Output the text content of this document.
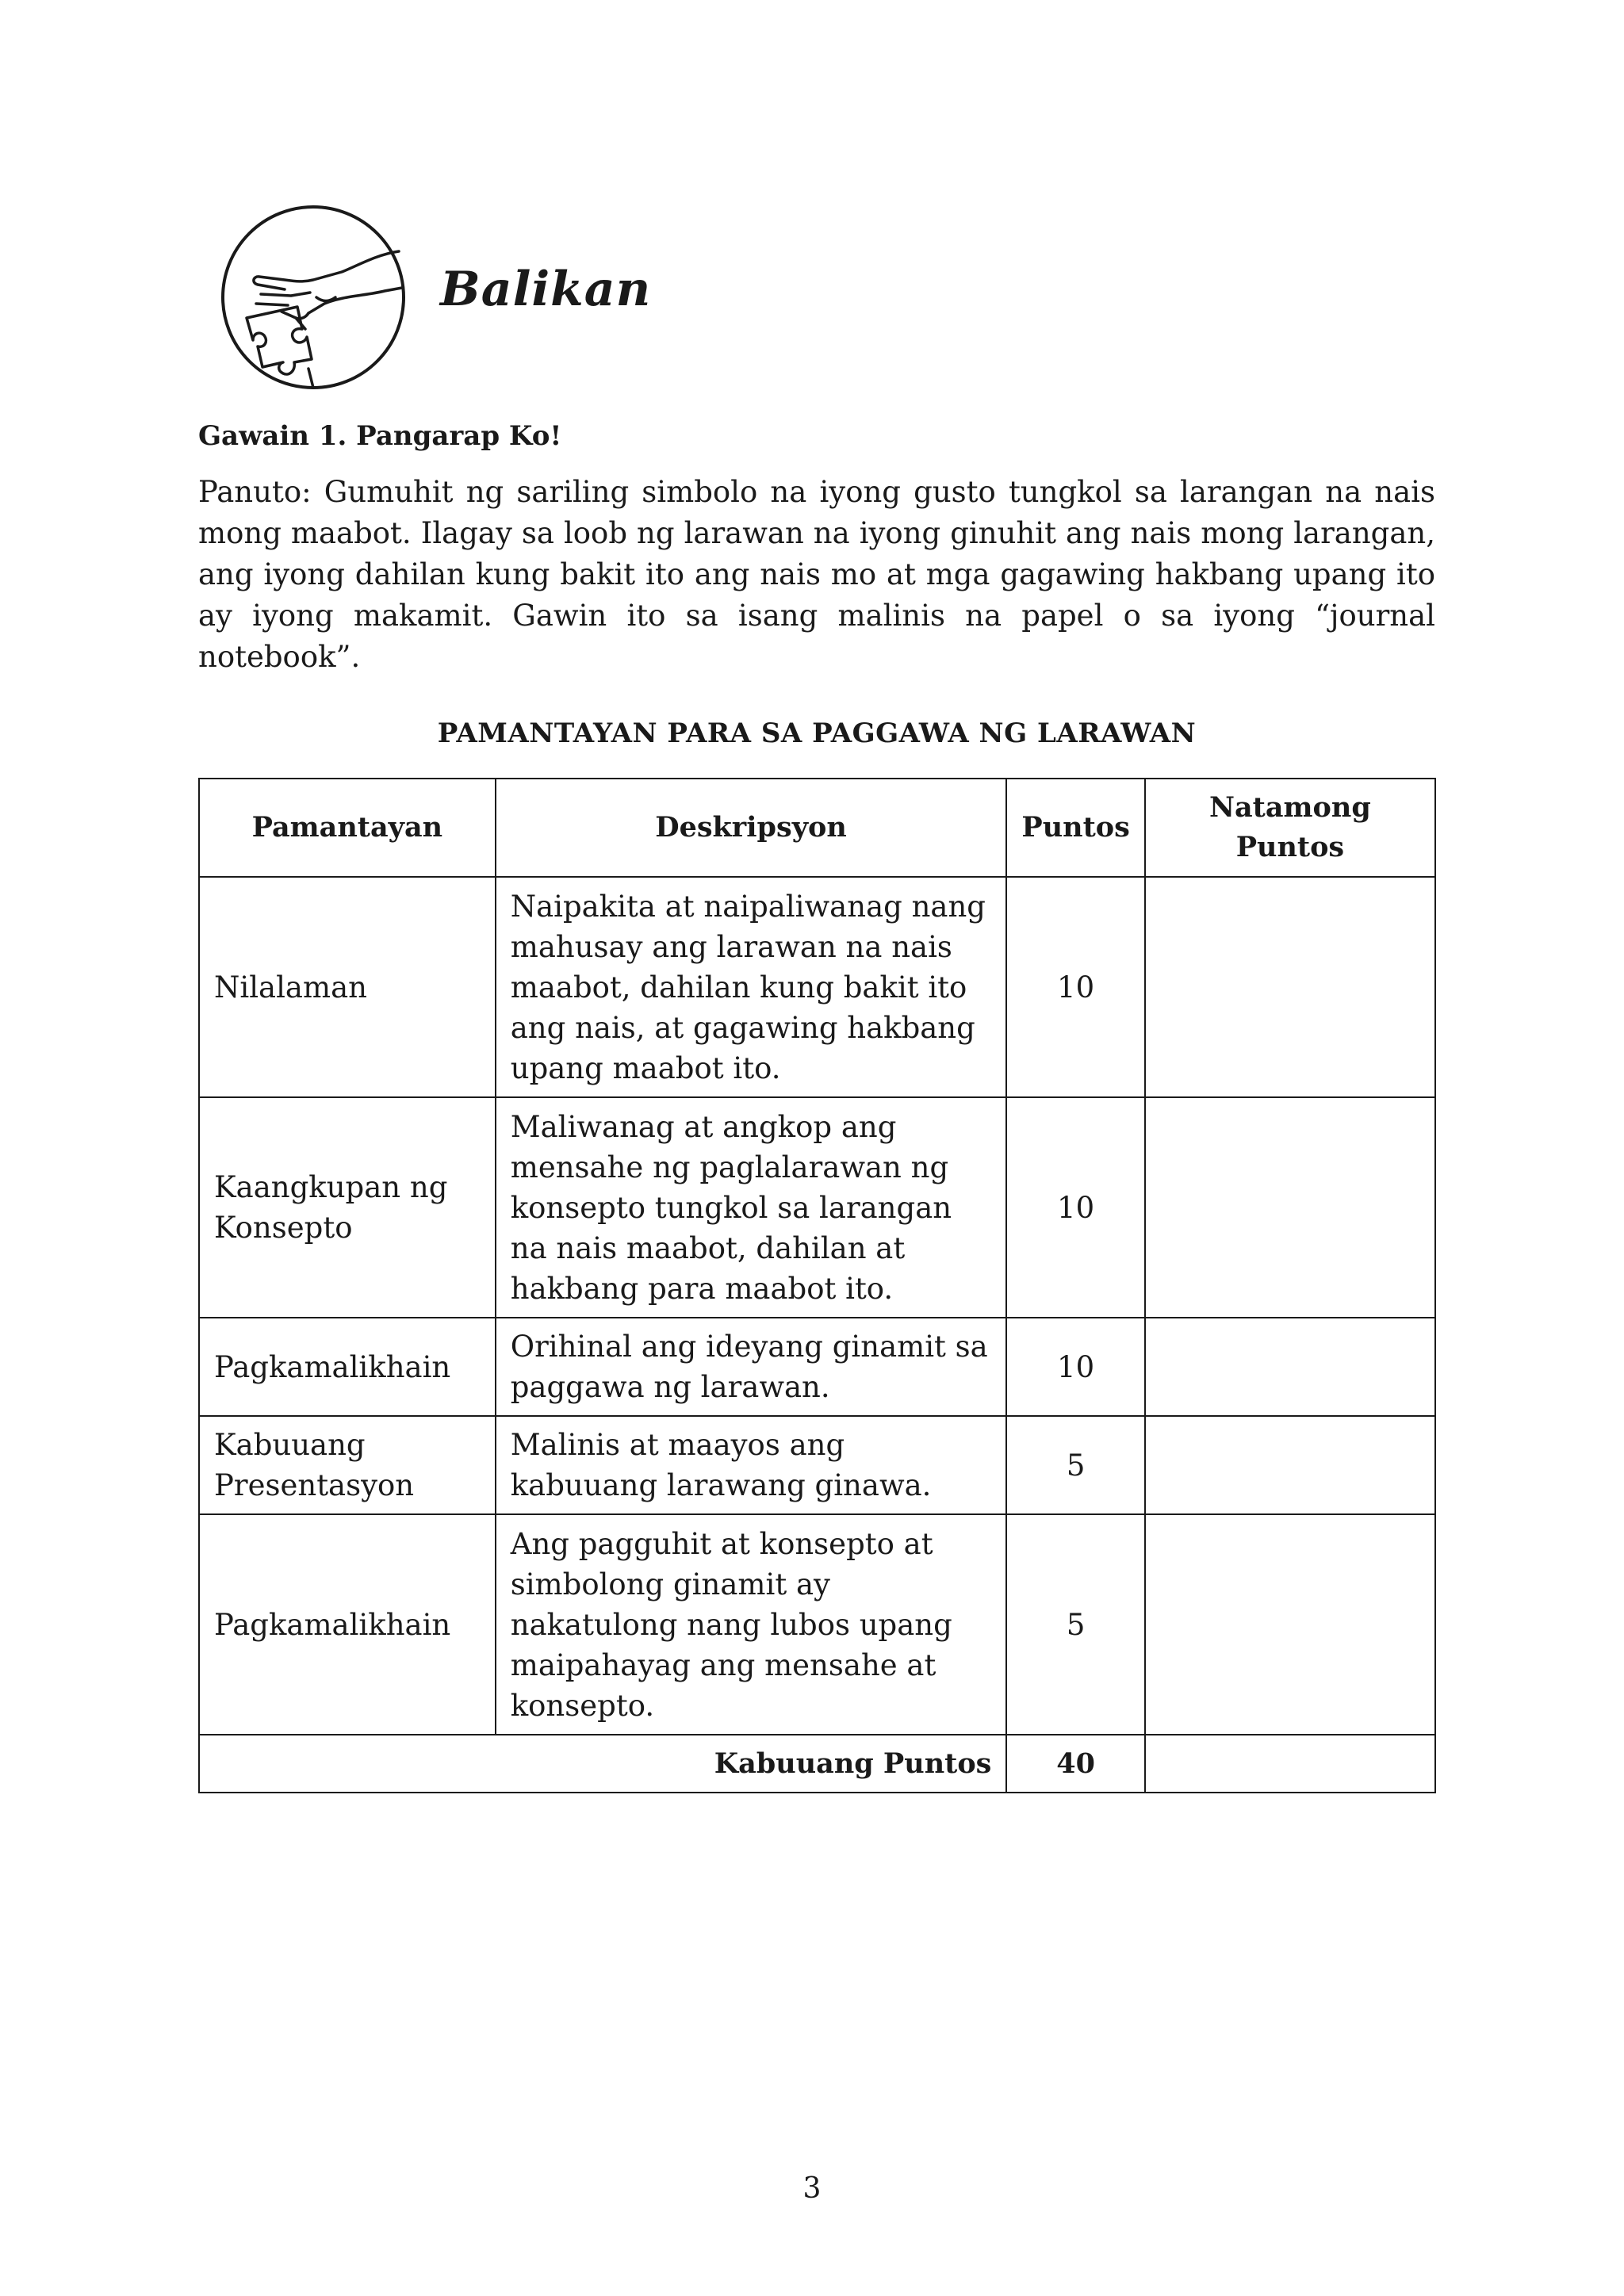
Balikan

Gawain 1. Pangarap Ko!

Panuto: Gumuhit ng sariling simbolo na iyong gusto tungkol sa larangan na nais mong maabot. Ilagay sa loob ng larawan na iyong ginuhit ang nais mong larangan, ang iyong dahilan kung bakit ito ang nais mo at mga gagawing hakbang upang ito ay iyong makamit. Gawin ito sa isang malinis na papel o sa iyong “journal notebook”.

PAMANTAYAN PARA SA PAGGAWA NG LARAWAN

Pamantayan	Deskripsyon	Puntos	Natamong Puntos
Nilalaman	Naipakita at naipaliwanag nang mahusay ang larawan na nais maabot, dahilan kung bakit ito ang nais, at gagawing hakbang upang maabot ito.	10	
Kaangkupan ng Konsepto	Maliwanag at angkop ang mensahe ng paglalarawan ng konsepto tungkol sa larangan na nais maabot, dahilan at hakbang para maabot ito.	10	
Pagkamalikhain	Orihinal ang ideyang ginamit sa paggawa ng larawan.	10	
Kabuuang Presentasyon	Malinis at maayos ang kabuuang larawang ginawa.	5	
Pagkamalikhain	Ang pagguhit at konsepto at simbolong ginamit ay nakatulong nang lubos upang maipahayag ang mensahe at konsepto.	5	
Kabuuang Puntos		40	

3
